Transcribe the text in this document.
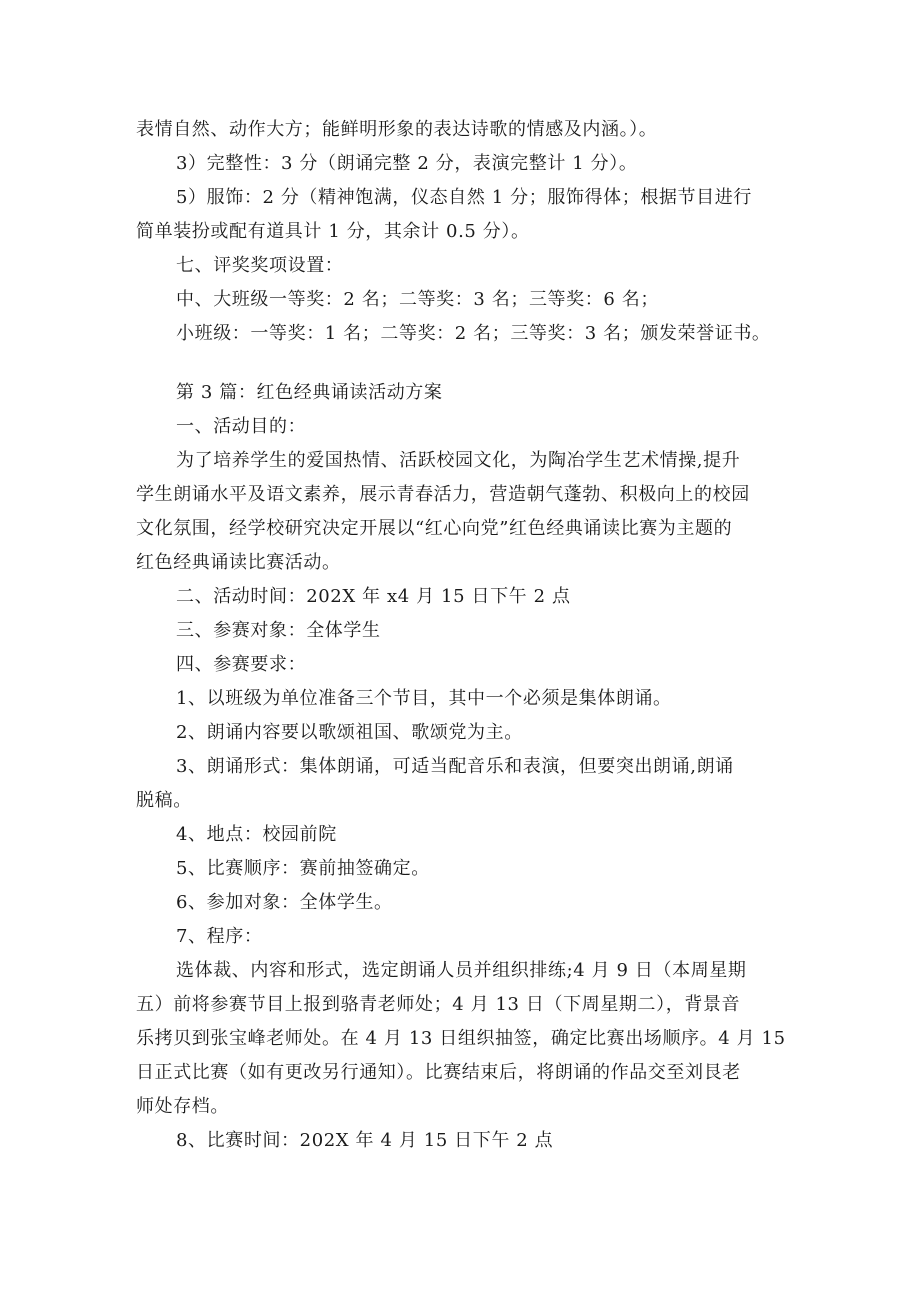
表情自然、动作大方；能鲜明形象的表达诗歌的情感及内涵。）。
3）完整性：3 分（朗诵完整 2 分，表演完整计 1 分）。
5）服饰：2 分（精神饱满，仪态自然 1 分；服饰得体；根据节目进行
简单装扮或配有道具计 1 分，其余计 0.5 分）。
七、评奖奖项设置：
中、大班级一等奖：2 名；二等奖：3 名；三等奖：6 名；
小班级：一等奖：1 名；二等奖：2 名；三等奖：3 名；颁发荣誉证书。
第 3 篇：红色经典诵读活动方案
一、活动目的：
为了培养学生的爱国热情、活跃校园文化，为陶冶学生艺术情操,提升
学生朗诵水平及语文素养，展示青春活力，营造朝气蓬勃、积极向上的校园
文化氛围，经学校研究决定开展以“红心向党”红色经典诵读比赛为主题的
红色经典诵读比赛活动。
二、活动时间：202X 年 x4 月 15 日下午 2 点
三、参赛对象：全体学生
四、参赛要求：
1、以班级为单位准备三个节目，其中一个必须是集体朗诵。
2、朗诵内容要以歌颂祖国、歌颂党为主。
3、朗诵形式：集体朗诵，可适当配音乐和表演，但要突出朗诵,朗诵
脱稿。
4、地点：校园前院
5、比赛顺序：赛前抽签确定。
6、参加对象：全体学生。
7、程序：
选体裁、内容和形式，选定朗诵人员并组织排练;4 月 9 日（本周星期
五）前将参赛节目上报到骆青老师处；4 月 13 日（下周星期二），背景音
乐拷贝到张宝峰老师处。在 4 月 13 日组织抽签，确定比赛出场顺序。4 月 15
日正式比赛（如有更改另行通知）。比赛结束后，将朗诵的作品交至刘艮老
师处存档。
8、比赛时间：202X 年 4 月 15 日下午 2 点
